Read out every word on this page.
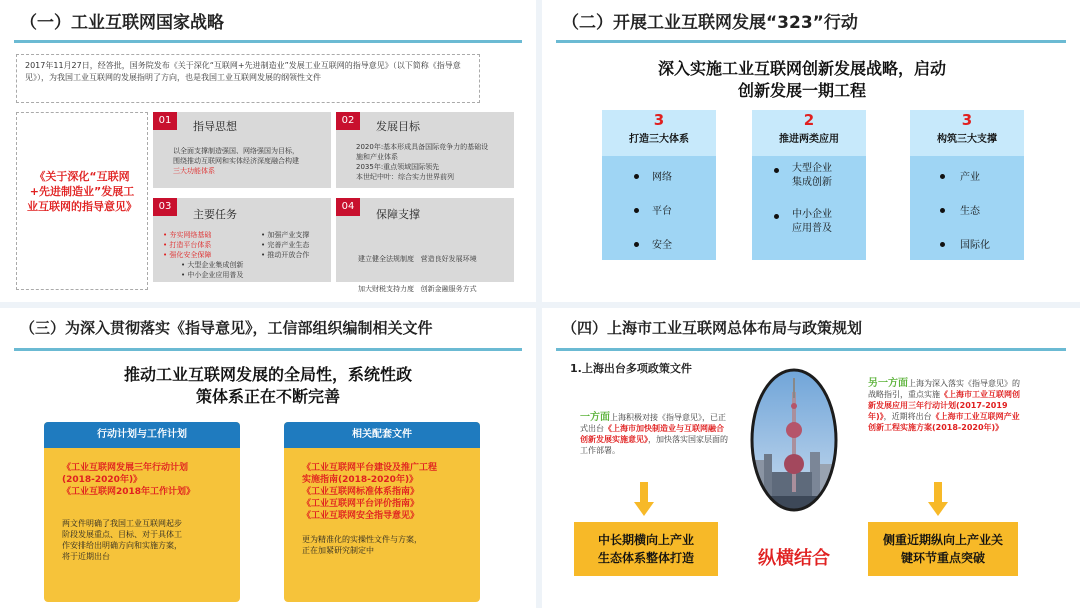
（一）工业互联网国家战略
2017年11月27日，经答批，国务院发布《关于深化“互联网+先进制造业”发展工业互联网的指导意见》（以下简称《指导意见》），为我国工业互联网的发展指明了方向，也是我国工业互联网发展的纲领性文件
《关于深化“互联网+先进制造业”发展工业互联网的指导意见》
01	指导思想
以全面支撑制造强国、网络强国为目标，
围绕推动互联网和实体经济深度融合构建
三大功能体系
02	发展目标
2020年:基本形成具备国际竞争力的基础设
施和产业体系
2035年:重点领域国际领先
本世纪中叶：综合实力世界前列
03
主要任务
• 夯实网络基础
• 打造平台体系
• 强化安全保障
• 加强产业支撑
• 完善产业生态
• 推动开放合作
• 大型企业集成创新
• 中小企业应用普及
04
保障支撑

建立健全法规制度   营造良好发展环境

加大财税支持力度   创新金融服务方式

（二）开展工业互联网发展“323”行动
深入实施工业互联网创新发展战略，启动
创新发展一期工程
3
打造三大体系
网络
平台
安全
2
推进两类应用
大型企业
集成创新
中小企业
应用普及
3
构筑三大支撑
产业
生态
国际化
（三）为深入贯彻落实《指导意见》，工信部组织编制相关文件
推动工业互联网发展的全局性，系统性政
策体系正在不断完善
行动计划与工作计划
《工业互联网发展三年行动计划
(2018-2020年)》
《工业互联网2018年工作计划》
两文件明确了我国工业互联网起步
阶段发展重点、目标、对于具体工
作安排给出明确方向和实施方案，
将于近期出台
相关配套文件
《工业互联网平台建设及推广工程
实施指南(2018-2020年)》
《工业互联网标准体系指南》
《工业互联网平台评价指南》
《工业互联网安全指导意见》
更为精准化的实操性文件与方案，
正在加紧研究制定中
（四）上海市工业互联网总体布局与政策规划
1.上海出台多项政策文件
一方面上海积极对接《指导意见》，已正式出台《上海市加快制造业与互联网融合创新发展实施意见》，加快落实国家层面的工作部署。
另一方面上海为深入落实《指导意见》的战略指引，重点实施《上海市工业互联网创新发展应用三年行动计划(2017-2019年)》，近期将出台《上海市工业互联网产业创新工程实施方案(2018-2020年)》
中长期横向上产业
生态体系整体打造
侧重近期纵向上产业关
键环节重点突破
纵横结合
